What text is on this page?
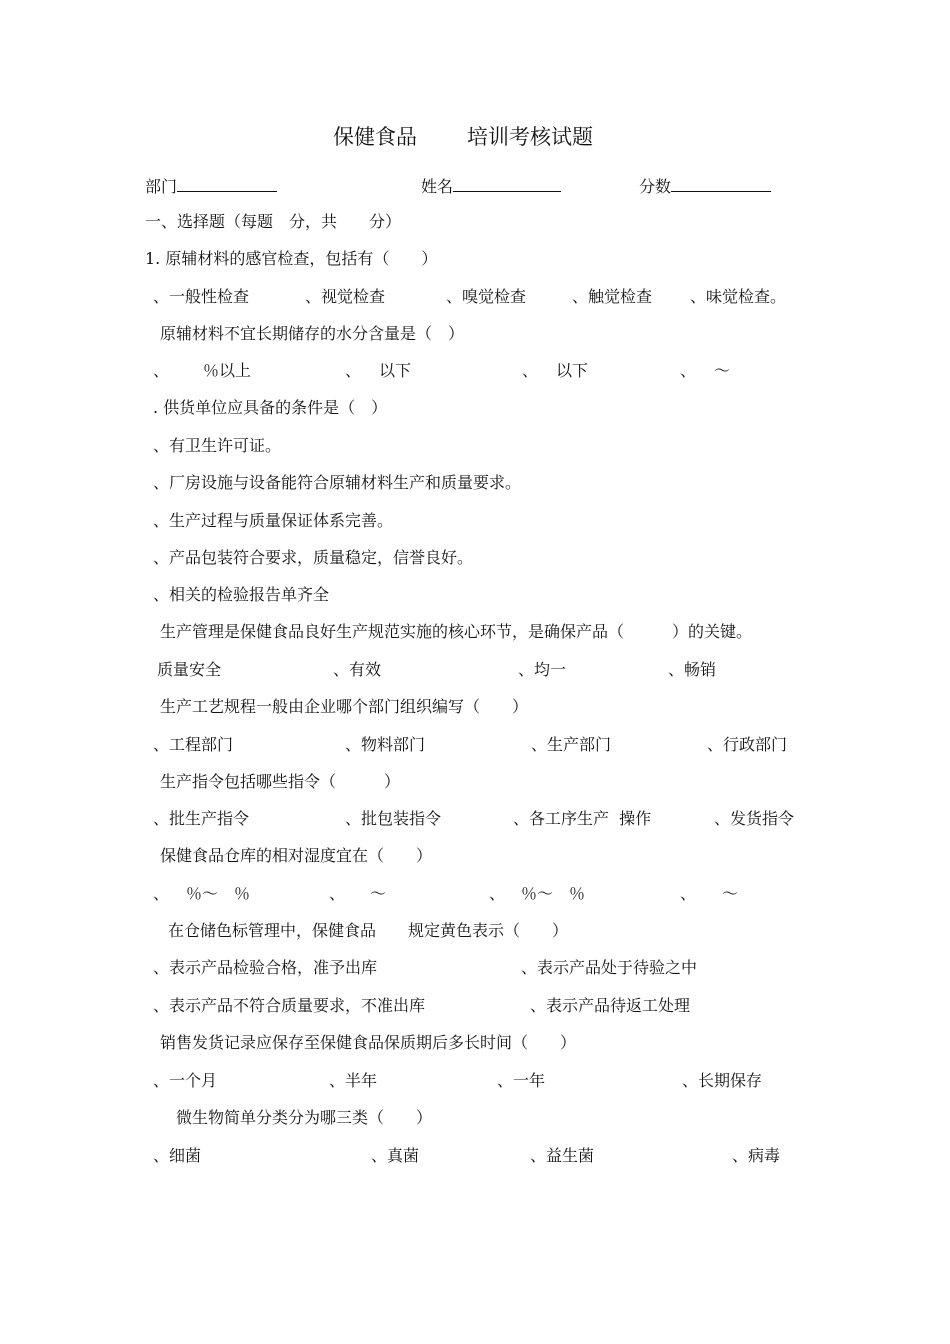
保健食品 培训考核试题
部门	姓名	分数
一、选择题（每题　分，共　　分）
1. 原辅材料的感官检查，包括有（　　）
、一般性检查	、视觉检查	、嗅觉检查	、触觉检查 、味觉检查。
原辅材料不宜长期储存的水分含量是（　）
、 ％以上	、 以下	、 以下	、 ～
. 供货单位应具备的条件是（　）
、有卫生许可证。
、厂房设施与设备能符合原辅材料生产和质量要求。
、生产过程与质量保证体系完善。
、产品包装符合要求，质量稳定，信誉良好。
、相关的检验报告单齐全
生产管理是保健食品良好生产规范实施的核心环节，是确保产品（　　　）的关键。
质量安全	、有效	、均一	、畅销
生产工艺规程一般由企业哪个部门组织编写（　　）
、工程部门	、物料部门	、生产部门	、行政部门
生产指令包括哪些指令（　　　）
、批生产指令	、批包装指令	、各工序生产  操作	、发货指令
保健食品仓库的相对湿度宜在（　　）
、 ％～　％	、 ～	、 ％～　％	、 ～
在仓储色标管理中，保健食品　　规定黄色表示（　　）
、表示产品检验合格，准予出库	、表示产品处于待验之中
、表示产品不符合质量要求，不准出库	、表示产品待返工处理
销售发货记录应保存至保健食品保质期后多长时间（　　）
、一个月	、半年	、一年	、长期保存
微生物简单分类分为哪三类（　　）
、细菌	、真菌	、益生菌	、病毒
